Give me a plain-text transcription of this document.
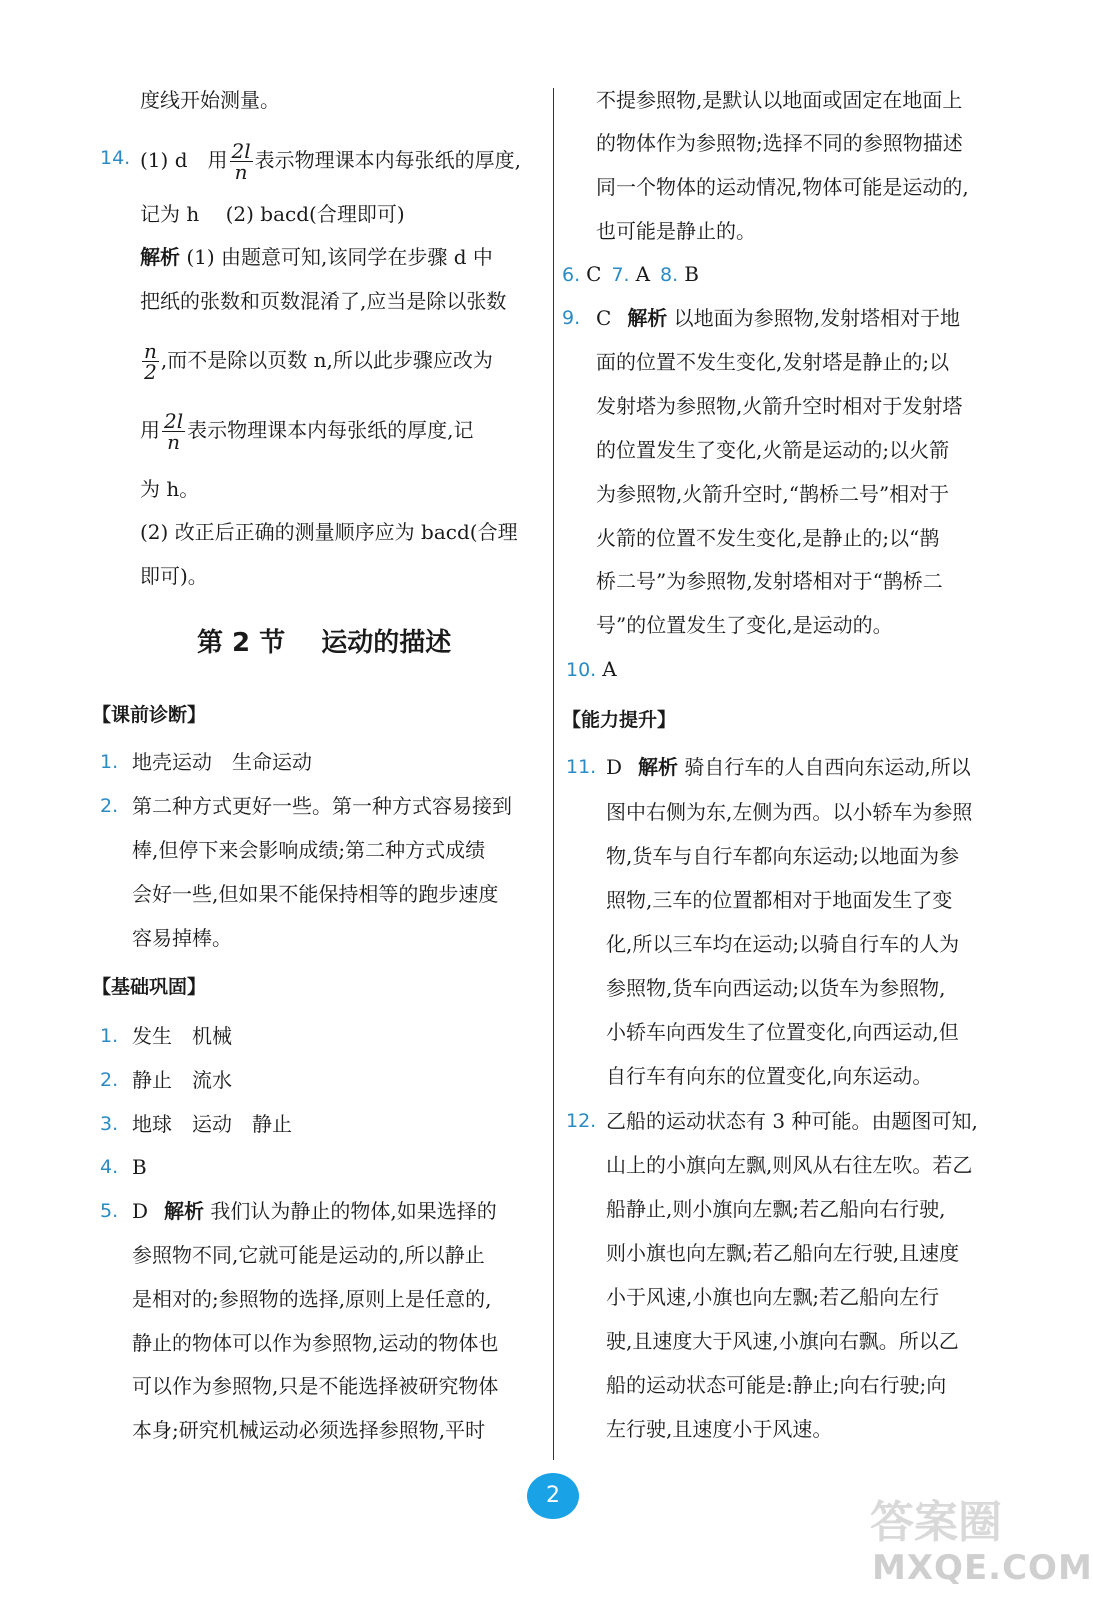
度线开始测量。
14. (1) d　用 $\frac{2l}{n}$ 表示物理课本内每张纸的厚度,
记为 h　 (2) bacd(合理即可)
解析 (1) 由题意可知,该同学在步骤 d 中
把纸的张数和页数混淆了,应当是除以张数
$\frac{n}{2}$ ,而不是除以页数 n,所以此步骤应改为
用 $\frac{2l}{n}$ 表示物理课本内每张纸的厚度,记
为 h。
(2) 改正后正确的测量顺序应为 bacd(合理
即可)。
第 2 节 运动的描述
【课前诊断】
1. 地壳运动　生命运动
2. 第二种方式更好一些。第一种方式容易接到
棒,但停下来会影响成绩;第二种方式成绩
会好一些,但如果不能保持相等的跑步速度
容易掉棒。
【基础巩固】
1. 发生　机械
2. 静止　流水
3. 地球　运动　静止
4. B
5. D 解析 我们认为静止的物体,如果选择的
参照物不同,它就可能是运动的,所以静止
是相对的;参照物的选择,原则上是任意的,
静止的物体可以作为参照物,运动的物体也
可以作为参照物,只是不能选择被研究物体
本身;研究机械运动必须选择参照物,平时
不提参照物,是默认以地面或固定在地面上
的物体作为参照物;选择不同的参照物描述
同一个物体的运动情况,物体可能是运动的,
也可能是静止的。
6. C 7. A 8. B
9. C 解析 以地面为参照物,发射塔相对于地
面的位置不发生变化,发射塔是静止的;以
发射塔为参照物,火箭升空时相对于发射塔
的位置发生了变化,火箭是运动的;以火箭
为参照物,火箭升空时,“鹊桥二号”相对于
火箭的位置不发生变化,是静止的;以“鹊
桥二号”为参照物,发射塔相对于“鹊桥二
号”的位置发生了变化,是运动的。
10. A
【能力提升】
11. D 解析 骑自行车的人自西向东运动,所以
图中右侧为东,左侧为西。以小轿车为参照
物,货车与自行车都向东运动;以地面为参
照物,三车的位置都相对于地面发生了变
化,所以三车均在运动;以骑自行车的人为
参照物,货车向西运动;以货车为参照物,
小轿车向西发生了位置变化,向西运动,但
自行车有向东的位置变化,向东运动。
12. 乙船的运动状态有 3 种可能。由题图可知,
山上的小旗向左飘,则风从右往左吹。若乙
船静止,则小旗向左飘;若乙船向右行驶,
则小旗也向左飘;若乙船向左行驶,且速度
小于风速,小旗也向左飘;若乙船向左行
驶,且速度大于风速,小旗向右飘。所以乙
船的运动状态可能是:静止;向右行驶;向
左行驶,且速度小于风速。
2
答案圈
MXQE.COM
